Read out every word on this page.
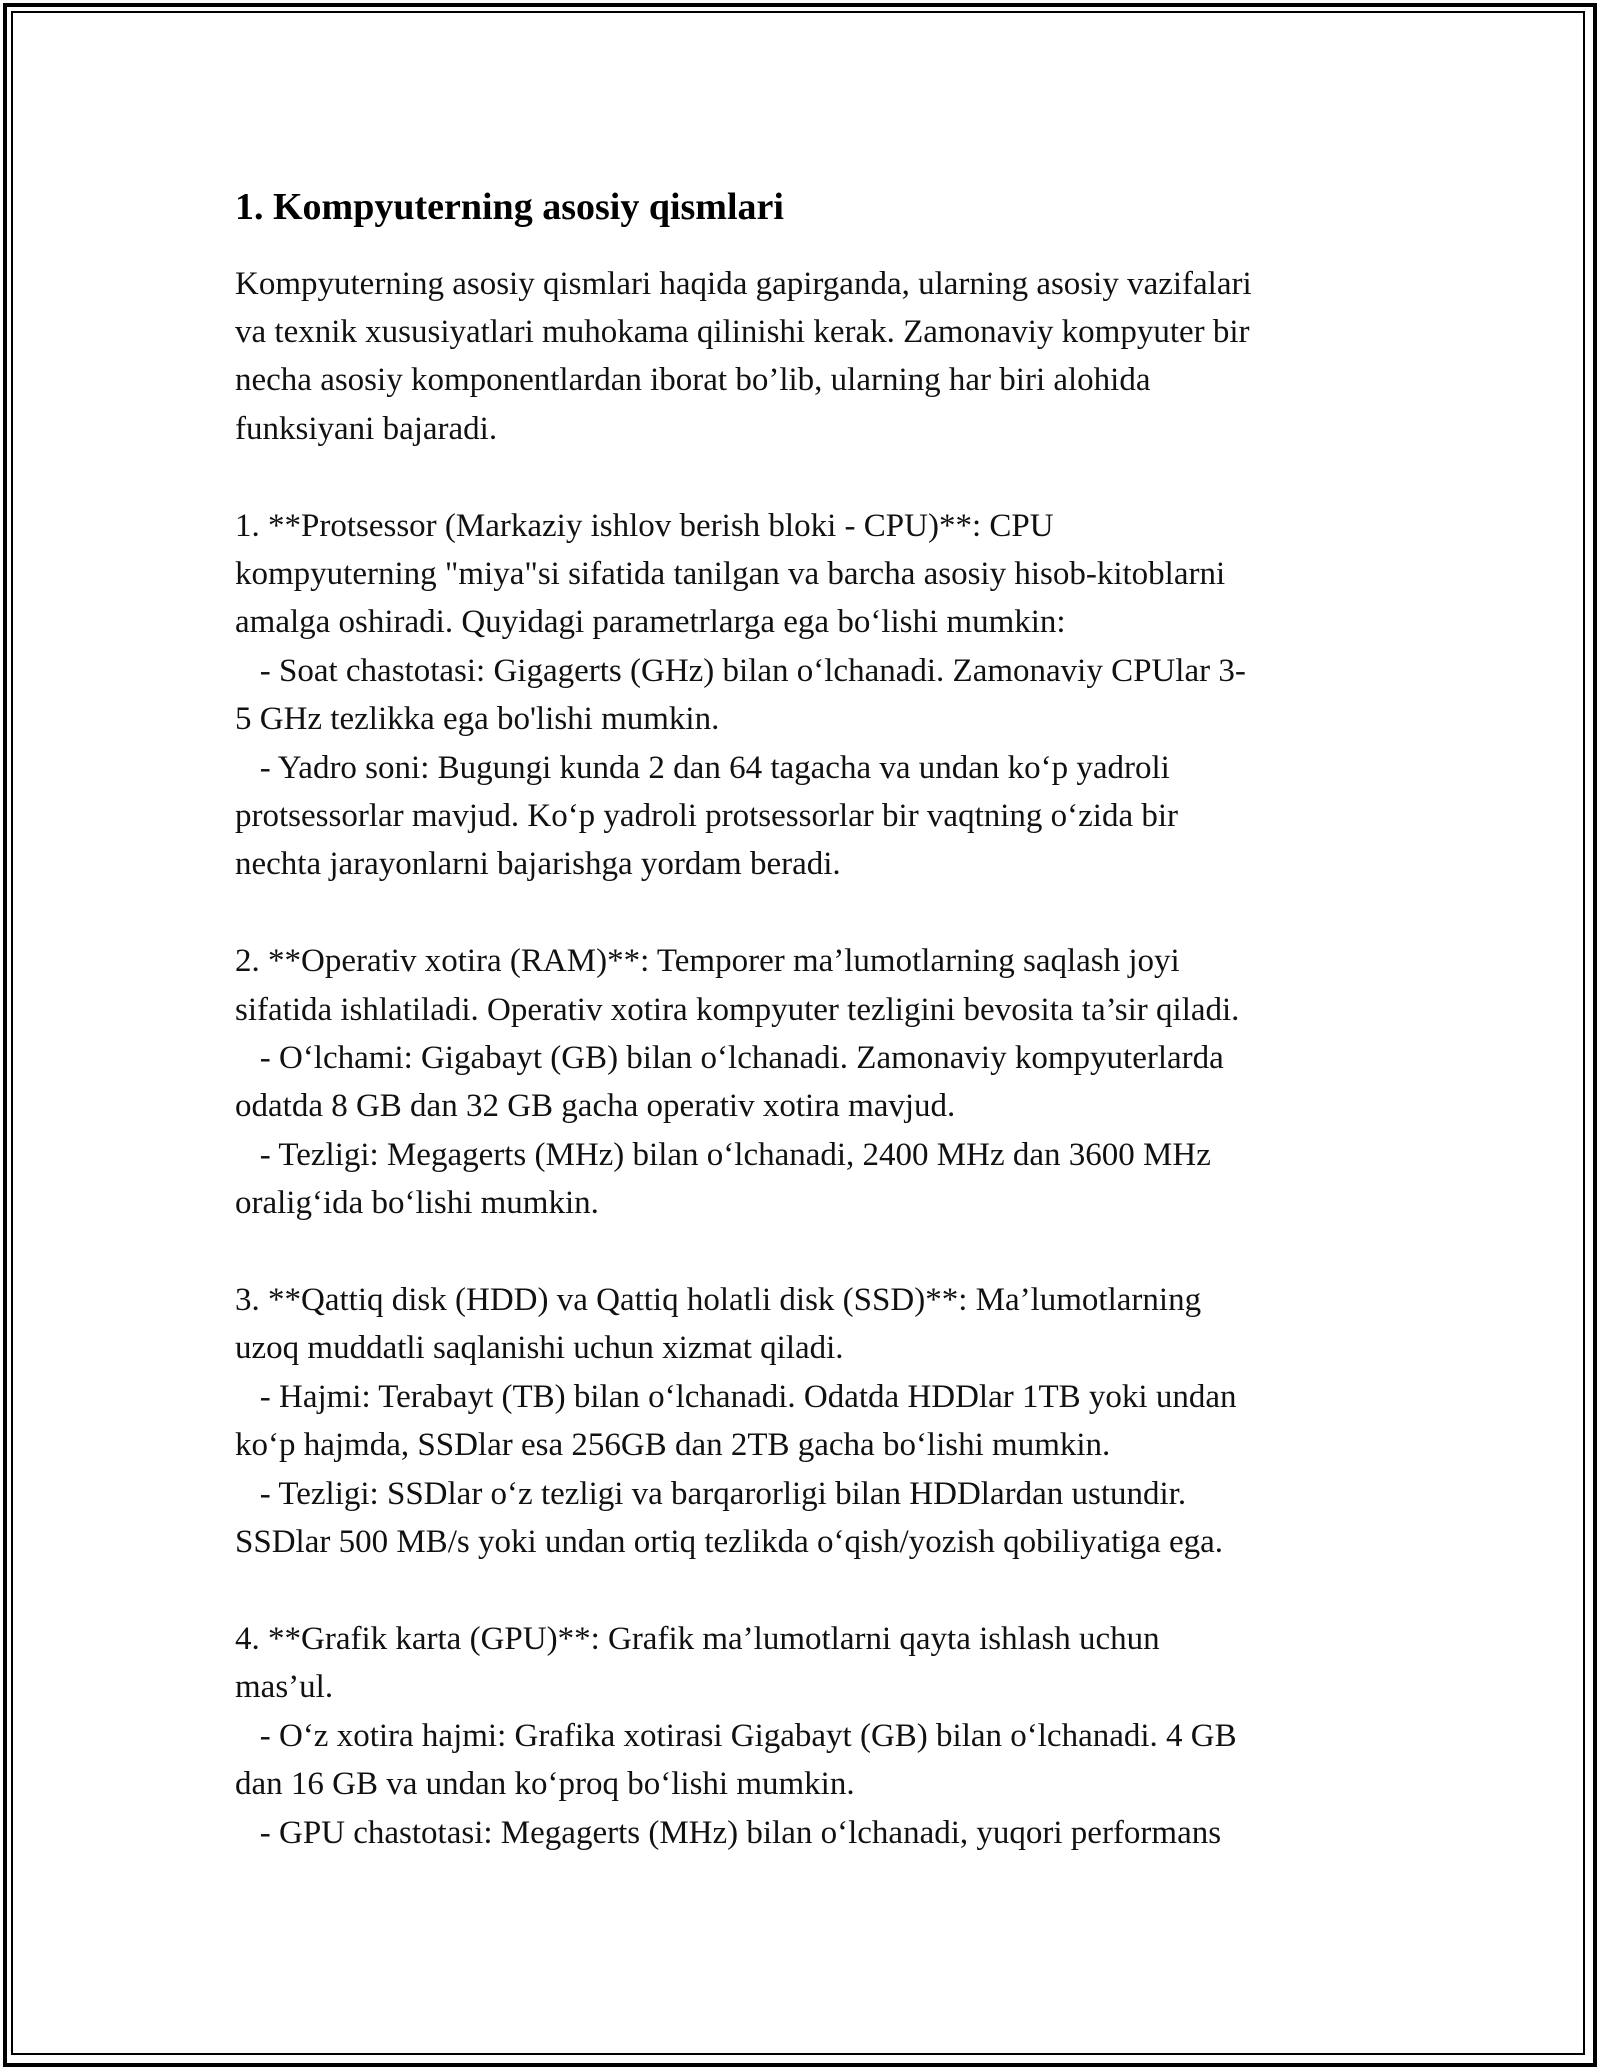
1. Kompyuterning asosiy qismlari

Kompyuterning asosiy qismlari haqida gapirganda, ularning asosiy vazifalari
va texnik xususiyatlari muhokama qilinishi kerak. Zamonaviy kompyuter bir
necha asosiy komponentlardan iborat bo’lib, ularning har biri alohida
funksiyani bajaradi.

1. **Protsessor (Markaziy ishlov berish bloki - CPU)**: CPU
kompyuterning "miya"si sifatida tanilgan va barcha asosiy hisob-kitoblarni
amalga oshiradi. Quyidagi parametrlarga ega bo‘lishi mumkin:
- Soat chastotasi: Gigagerts (GHz) bilan o‘lchanadi. Zamonaviy CPUlar 3-
5 GHz tezlikka ega bo'lishi mumkin.
- Yadro soni: Bugungi kunda 2 dan 64 tagacha va undan ko‘p yadroli
protsessorlar mavjud. Ko‘p yadroli protsessorlar bir vaqtning o‘zida bir
nechta jarayonlarni bajarishga yordam beradi.

2. **Operativ xotira (RAM)**: Temporer ma’lumotlarning saqlash joyi
sifatida ishlatiladi. Operativ xotira kompyuter tezligini bevosita ta’sir qiladi.
- O‘lchami: Gigabayt (GB) bilan o‘lchanadi. Zamonaviy kompyuterlarda
odatda 8 GB dan 32 GB gacha operativ xotira mavjud.
- Tezligi: Megagerts (MHz) bilan o‘lchanadi, 2400 MHz dan 3600 MHz
oralig‘ida bo‘lishi mumkin.

3. **Qattiq disk (HDD) va Qattiq holatli disk (SSD)**: Ma’lumotlarning
uzoq muddatli saqlanishi uchun xizmat qiladi.
- Hajmi: Terabayt (TB) bilan o‘lchanadi. Odatda HDDlar 1TB yoki undan
ko‘p hajmda, SSDlar esa 256GB dan 2TB gacha bo‘lishi mumkin.
- Tezligi: SSDlar o‘z tezligi va barqarorligi bilan HDDlardan ustundir.
SSDlar 500 MB/s yoki undan ortiq tezlikda o‘qish/yozish qobiliyatiga ega.

4. **Grafik karta (GPU)**: Grafik ma’lumotlarni qayta ishlash uchun
mas’ul.
- O‘z xotira hajmi: Grafika xotirasi Gigabayt (GB) bilan o‘lchanadi. 4 GB
dan 16 GB va undan ko‘proq bo‘lishi mumkin.
- GPU chastotasi: Megagerts (MHz) bilan o‘lchanadi, yuqori performans
